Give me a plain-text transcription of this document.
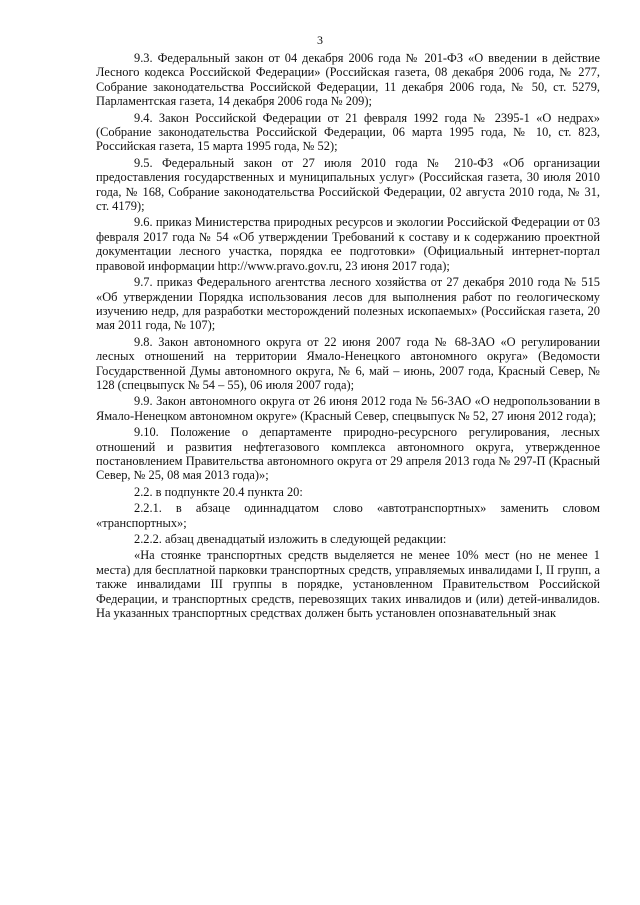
3

9.3. Федеральный закон от 04 декабря 2006 года № 201-ФЗ «О введении в действие Лесного кодекса Российской Федерации» (Российская газета, 08 декабря 2006 года, № 277, Собрание законодательства Российской Федерации, 11 декабря 2006 года, № 50, ст. 5279, Парламентская газета, 14 декабря 2006 года № 209);

9.4. Закон Российской Федерации от 21 февраля 1992 года № 2395-1 «О недрах» (Собрание законодательства Российской Федерации, 06 марта 1995 года, № 10, ст. 823, Российская газета, 15 марта 1995 года, № 52);

9.5. Федеральный закон от 27 июля 2010 года № 210-ФЗ «Об организации предоставления государственных и муниципальных услуг» (Российская газета, 30 июля 2010 года, № 168, Собрание законодательства Российской Федерации, 02 августа 2010 года, № 31, ст. 4179);

9.6. приказ Министерства природных ресурсов и экологии Российской Федерации от 03 февраля 2017 года № 54 «Об утверждении Требований к составу и к содержанию проектной документации лесного участка, порядка ее подготовки» (Официальный интернет-портал правовой информации http://www.pravo.gov.ru, 23 июня 2017 года);

9.7. приказ Федерального агентства лесного хозяйства от 27 декабря 2010 года № 515 «Об утверждении Порядка использования лесов для выполнения работ по геологическому изучению недр, для разработки месторождений полезных ископаемых» (Российская газета, 20 мая 2011 года, № 107);

9.8. Закон автономного округа от 22 июня 2007 года № 68-ЗАО «О регулировании лесных отношений на территории Ямало-Ненецкого автономного округа» (Ведомости Государственной Думы автономного округа, № 6, май – июнь, 2007 года, Красный Север, № 128 (спецвыпуск № 54 – 55), 06 июля 2007 года);

9.9. Закон автономного округа от 26 июня 2012 года № 56-ЗАО «О недропользовании в Ямало-Ненецком автономном округе» (Красный Север, спецвыпуск № 52, 27 июня 2012 года);

9.10. Положение о департаменте природно-ресурсного регулирования, лесных отношений и развития нефтегазового комплекса автономного округа, утвержденное постановлением Правительства автономного округа от 29 апреля 2013 года № 297-П (Красный Север, № 25, 08 мая 2013 года)»;

2.2. в подпункте 20.4 пункта 20:

2.2.1. в абзаце одиннадцатом слово «автотранспортных» заменить словом «транспортных»;

2.2.2. абзац двенадцатый изложить в следующей редакции:

«На стоянке транспортных средств выделяется не менее 10% мест (но не менее 1 места) для бесплатной парковки транспортных средств, управляемых инвалидами I, II групп, а также инвалидами III группы в порядке, установленном Правительством Российской Федерации, и транспортных средств, перевозящих таких инвалидов и (или) детей-инвалидов. На указанных транспортных средствах должен быть установлен опознавательный знак
